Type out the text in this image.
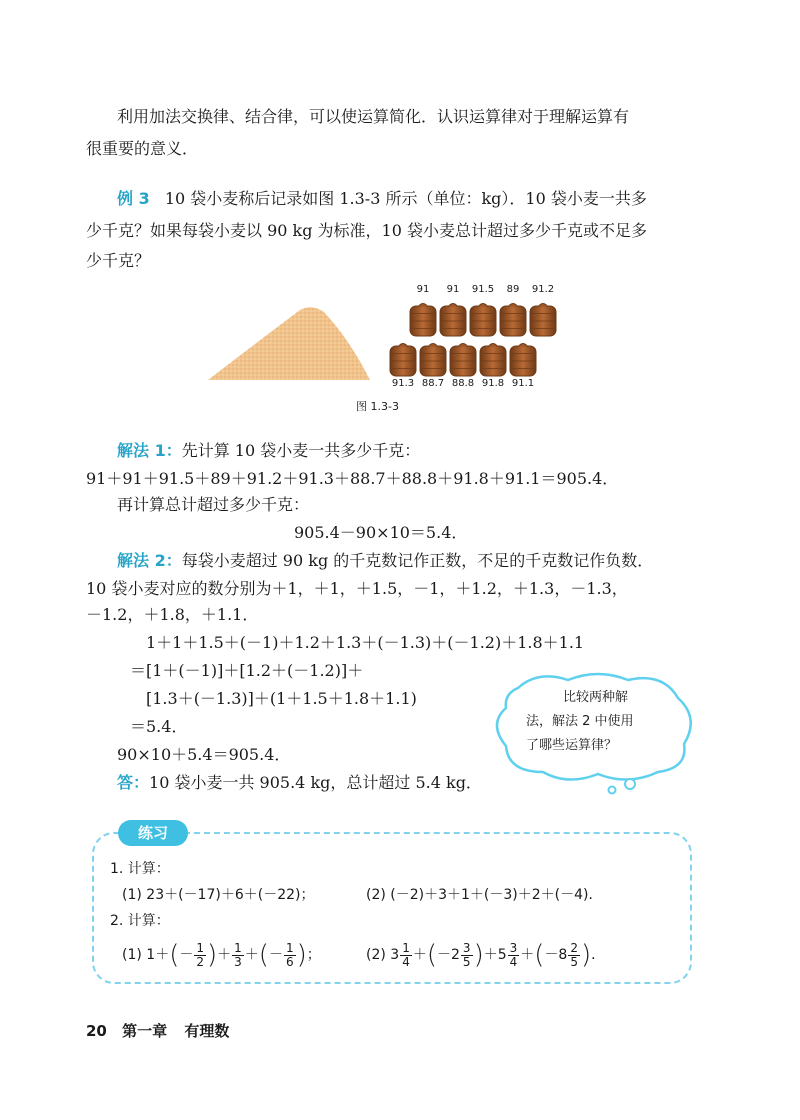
利用加法交换律、结合律，可以使运算简化．认识运算律对于理解运算有
很重要的意义．
例 3 10 袋小麦称后记录如图 1.3-3 所示（单位：kg）．10 袋小麦一共多
少千克？如果每袋小麦以 90 kg 为标准，10 袋小麦总计超过多少千克或不足多
少千克？
91	91	91.5	89	91.2
91.3 88.7 88.8 91.8 91.1
图 1.3-3
解法 1：先计算 10 袋小麦一共多少千克：
91＋91＋91.5＋89＋91.2＋91.3＋88.7＋88.8＋91.8＋91.1＝905.4．
再计算总计超过多少千克：
905.4－90×10＝5.4．
解法 2：每袋小麦超过 90 kg 的千克数记作正数，不足的千克数记作负数．
10 袋小麦对应的数分别为＋1，＋1，＋1.5，－1，＋1.2，＋1.3，－1.3，
－1.2，＋1.8，＋1.1．
1＋1＋1.5＋(－1)＋1.2＋1.3＋(－1.3)＋(－1.2)＋1.8＋1.1
＝[1＋(－1)]＋[1.2＋(－1.2)]＋
[1.3＋(－1.3)]＋(1＋1.5＋1.8＋1.1)
＝5.4．
90×10＋5.4＝905.4．
答：10 袋小麦一共 905.4 kg，总计超过 5.4 kg．
比较两种解
法，解法 2 中使用
了哪些运算律？
练习
1. 计算：
(1) 23＋(－17)＋6＋(－22)；	(2) (－2)＋3＋1＋(－3)＋2＋(－4)．
2. 计算：
(1) $1+(- \frac{1}{2}$ )＋ $\frac{1}{3}$ ＋(－ $\frac{1}{6}$ )；	(2) $3 \frac{1}{4} +(-2 \frac{3}{5} )+5 \frac{3}{4} +(-8 \frac{2}{5}$ )．
20 第一章 有理数
